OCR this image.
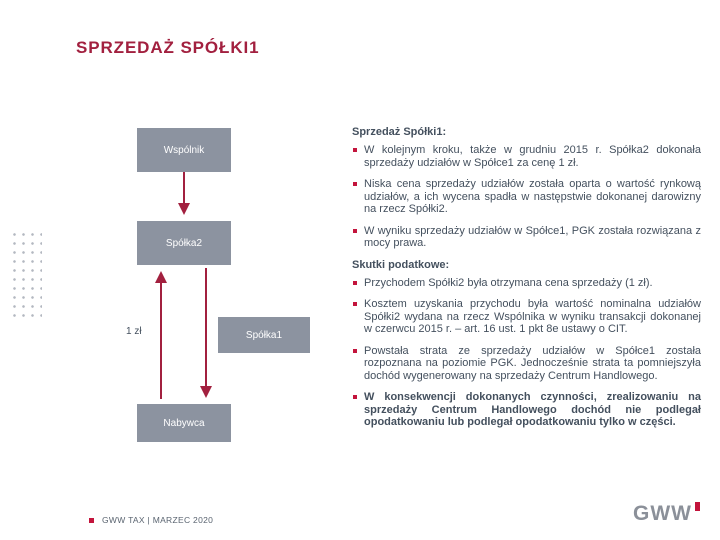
SPRZEDAŻ SPÓŁKI1
Wspólnik
Spółka2
Spółka1
Nabywca
1 zł
Sprzedaż Spółki1:
W kolejnym kroku, także w grudniu 2015 r. Spółka2 dokonała sprzedaży udziałów w Spółce1 za cenę 1 zł.
Niska cena sprzedaży udziałów została oparta o wartość rynkową udziałów, a ich wycena spadła w następstwie dokonanej darowizny na rzecz Spółki2.
W wyniku sprzedaży udziałów w Spółce1, PGK została rozwiązana z mocy prawa.
Skutki podatkowe:
Przychodem Spółki2 była otrzymana cena sprzedaży (1 zł).
Kosztem uzyskania przychodu była wartość nominalna udziałów Spółki2 wydana na rzecz Wspólnika w wyniku transakcji dokonanej w czerwcu 2015 r. – art. 16 ust. 1 pkt 8e ustawy o CIT.
Powstała strata ze sprzedaży udziałów w Spółce1 została rozpoznana na poziomie PGK. Jednocześnie strata ta pomniejszyła dochód wygenerowany na sprzedaży Centrum Handlowego.
W konsekwencji dokonanych czynności, zrealizowaniu na sprzedaży Centrum Handlowego dochód nie podlegał opodatkowaniu lub podlegał opodatkowaniu tylko w części.
GWW TAX | MARZEC 2020	GWW
